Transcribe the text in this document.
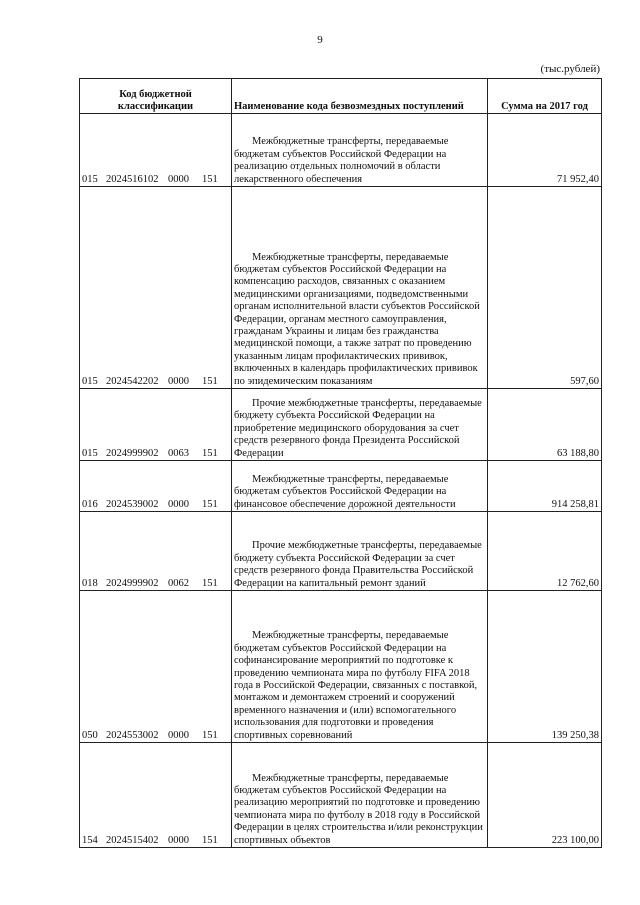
9
(тыс.рублей)
Код бюджетной классификации	Наименование кода безвозмездных поступлений	Сумма на 2017 год
015 2024516102 0000 151	Межбюджетные трансферты, передаваемые бюджетам субъектов Российской Федерации на реализацию отдельных полномочий в области лекарственного обеспечения	71 952,40
015 2024542202 0000 151	Межбюджетные трансферты, передаваемые бюджетам субъектов Российской Федерации на компенсацию расходов, связанных с оказанием медицинскими организациями, подведомственными органам исполнительной власти субъектов Российской Федерации, органам местного самоуправления, гражданам Украины и лицам без гражданства медицинской помощи, а также затрат по проведению указанным лицам профилактических прививок, включенных в календарь профилактических прививок по эпидемическим показаниям	597,60
015 2024999902 0063 151	Прочие межбюджетные трансферты, передаваемые бюджету субъекта Российской Федерации на приобретение медицинского оборудования за счет средств резервного фонда Президента Российской Федерации	63 188,80
016 2024539002 0000 151	Межбюджетные трансферты, передаваемые бюджетам субъектов Российской Федерации на финансовое обеспечение дорожной деятельности	914 258,81
018 2024999902 0062 151	Прочие межбюджетные трансферты, передаваемые бюджету субъекта Российской Федерации за счет средств резервного фонда Правительства Российской Федерации на капитальный ремонт зданий	12 762,60
050 2024553002 0000 151	Межбюджетные трансферты, передаваемые бюджетам субъектов Российской Федерации на софинансирование мероприятий по подготовке к проведению чемпионата мира по футболу FIFA 2018 года в Российской Федерации, связанных с поставкой, монтажом и демонтажем строений и сооружений временного назначения и (или) вспомогательного использования для подготовки и проведения спортивных соревнований	139 250,38
154 2024515402 0000 151	Межбюджетные трансферты, передаваемые бюджетам субъектов Российской Федерации на реализацию мероприятий по подготовке и проведению чемпионата мира по футболу в 2018 году в Российской Федерации в целях строительства и/или реконструкции спортивных объектов	223 100,00
